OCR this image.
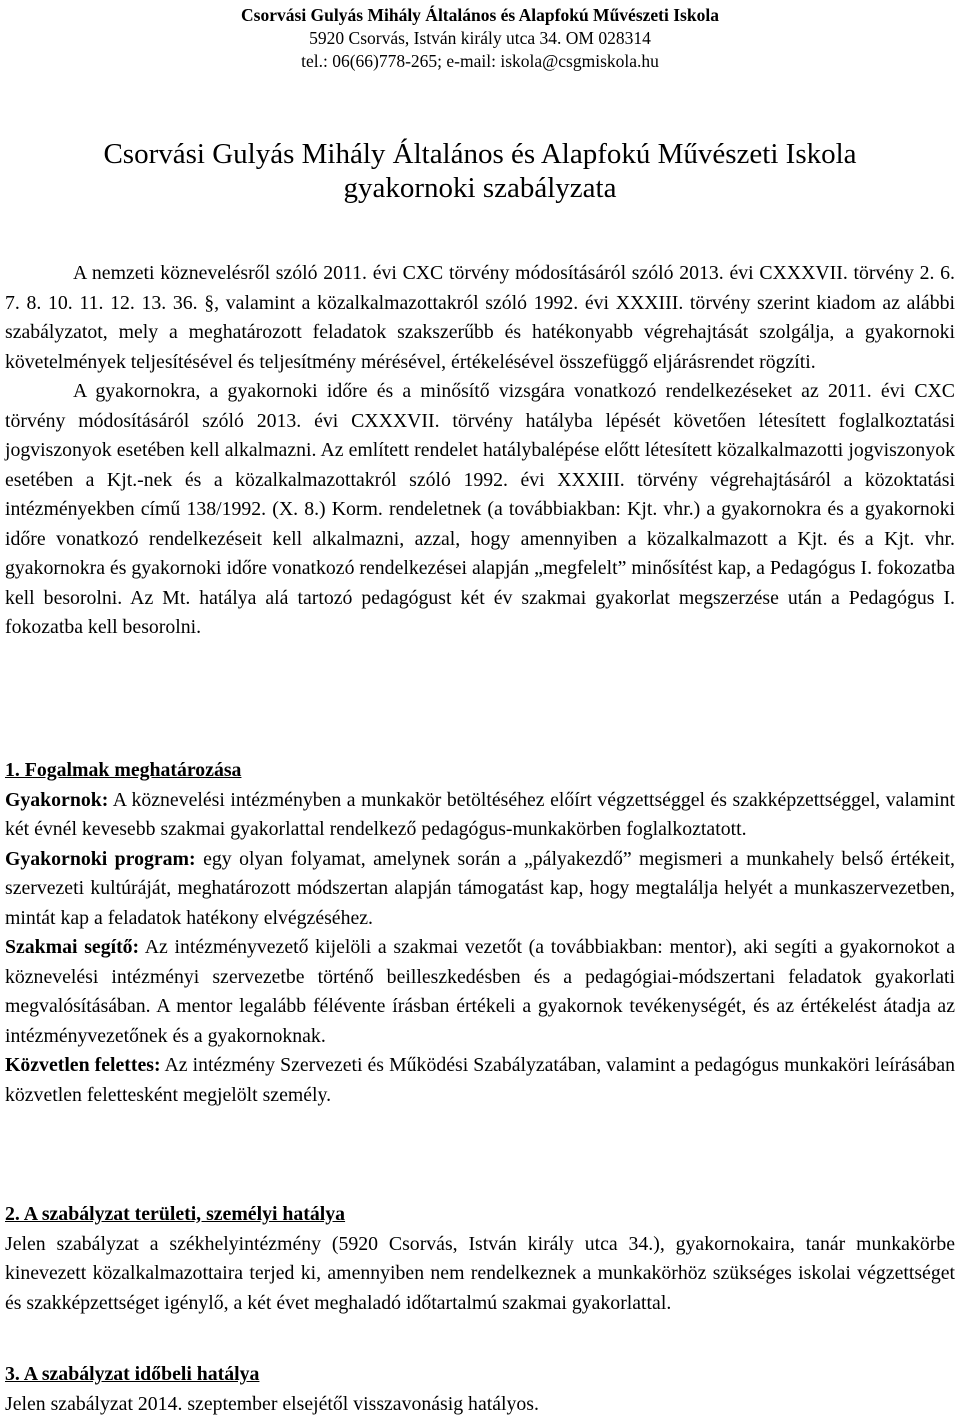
Csorvási Gulyás Mihály Általános és Alapfokú Művészeti Iskola
5920 Csorvás, István király utca 34. OM 028314
tel.: 06(66)778-265; e-mail: iskola@csgmiskola.hu
Csorvási Gulyás Mihály Általános és Alapfokú Művészeti Iskola
gyakornoki szabályzata

A nemzeti köznevelésről szóló 2011. évi CXC törvény módosításáról szóló 2013. évi CXXXVII. törvény 2. 6. 7. 8. 10. 11. 12. 13. 36. §, valamint a közalkalmazottakról szóló 1992. évi XXXIII. törvény szerint kiadom az alábbi szabályzatot, mely a meghatározott feladatok szakszerűbb és hatékonyabb végrehajtását szolgálja, a gyakornoki követelmények teljesítésével és teljesítmény mérésével, értékelésével összefüggő eljárásrendet rögzíti.

A gyakornokra, a gyakornoki időre és a minősítő vizsgára vonatkozó rendelkezéseket az 2011. évi CXC törvény módosításáról szóló 2013. évi CXXXVII. törvény hatályba lépését követően létesített foglalkoztatási jogviszonyok esetében kell alkalmazni. Az említett rendelet hatálybalépése előtt létesített közalkalmazotti jogviszonyok esetében a Kjt.-nek és a közalkalmazottakról szóló 1992. évi XXXIII. törvény végrehajtásáról a közoktatási intézményekben című 138/1992. (X. 8.) Korm. rendeletnek (a továbbiakban: Kjt. vhr.) a gyakornokra és a gyakornoki időre vonatkozó rendelkezéseit kell alkalmazni, azzal, hogy amennyiben a közalkalmazott a Kjt. és a Kjt. vhr. gyakornokra és gyakornoki időre vonatkozó rendelkezései alapján „megfelelt” minősítést kap, a Pedagógus I. fokozatba kell besorolni. Az Mt. hatálya alá tartozó pedagógust két év szakmai gyakorlat megszerzése után a Pedagógus I. fokozatba kell besorolni.

1. Fogalmak meghatározása

Gyakornok: A köznevelési intézményben a munkakör betöltéséhez előírt végzettséggel és szakképzettséggel, valamint két évnél kevesebb szakmai gyakorlattal rendelkező pedagógus-munkakörben foglalkoztatott.

Gyakornoki program: egy olyan folyamat, amelynek során a „pályakezdő” megismeri a munkahely belső értékeit, szervezeti kultúráját, meghatározott módszertan alapján támogatást kap, hogy megtalálja helyét a munkaszervezetben, mintát kap a feladatok hatékony elvégzéséhez.

Szakmai segítő: Az intézményvezető kijelöli a szakmai vezetőt (a továbbiakban: mentor), aki segíti a gyakornokot a köznevelési intézményi szervezetbe történő beilleszkedésben és a pedagógiai-módszertani feladatok gyakorlati megvalósításában. A mentor legalább félévente írásban értékeli a gyakornok tevékenységét, és az értékelést átadja az intézményvezetőnek és a gyakornoknak.

Közvetlen felettes: Az intézmény Szervezeti és Működési Szabályzatában, valamint a pedagógus munkaköri leírásában közvetlen felettesként megjelölt személy.

2. A szabályzat területi, személyi hatálya

Jelen szabályzat a székhelyintézmény (5920 Csorvás, István király utca 34.), gyakornokaira, tanár munkakörbe kinevezett közalkalmazottaira terjed ki, amennyiben nem rendelkeznek a munkakörhöz szükséges iskolai végzettséget és szakképzettséget igénylő, a két évet meghaladó időtartalmú szakmai gyakorlattal.

3. A szabályzat időbeli hatálya

Jelen szabályzat 2014. szeptember elsejétől visszavonásig hatályos.
